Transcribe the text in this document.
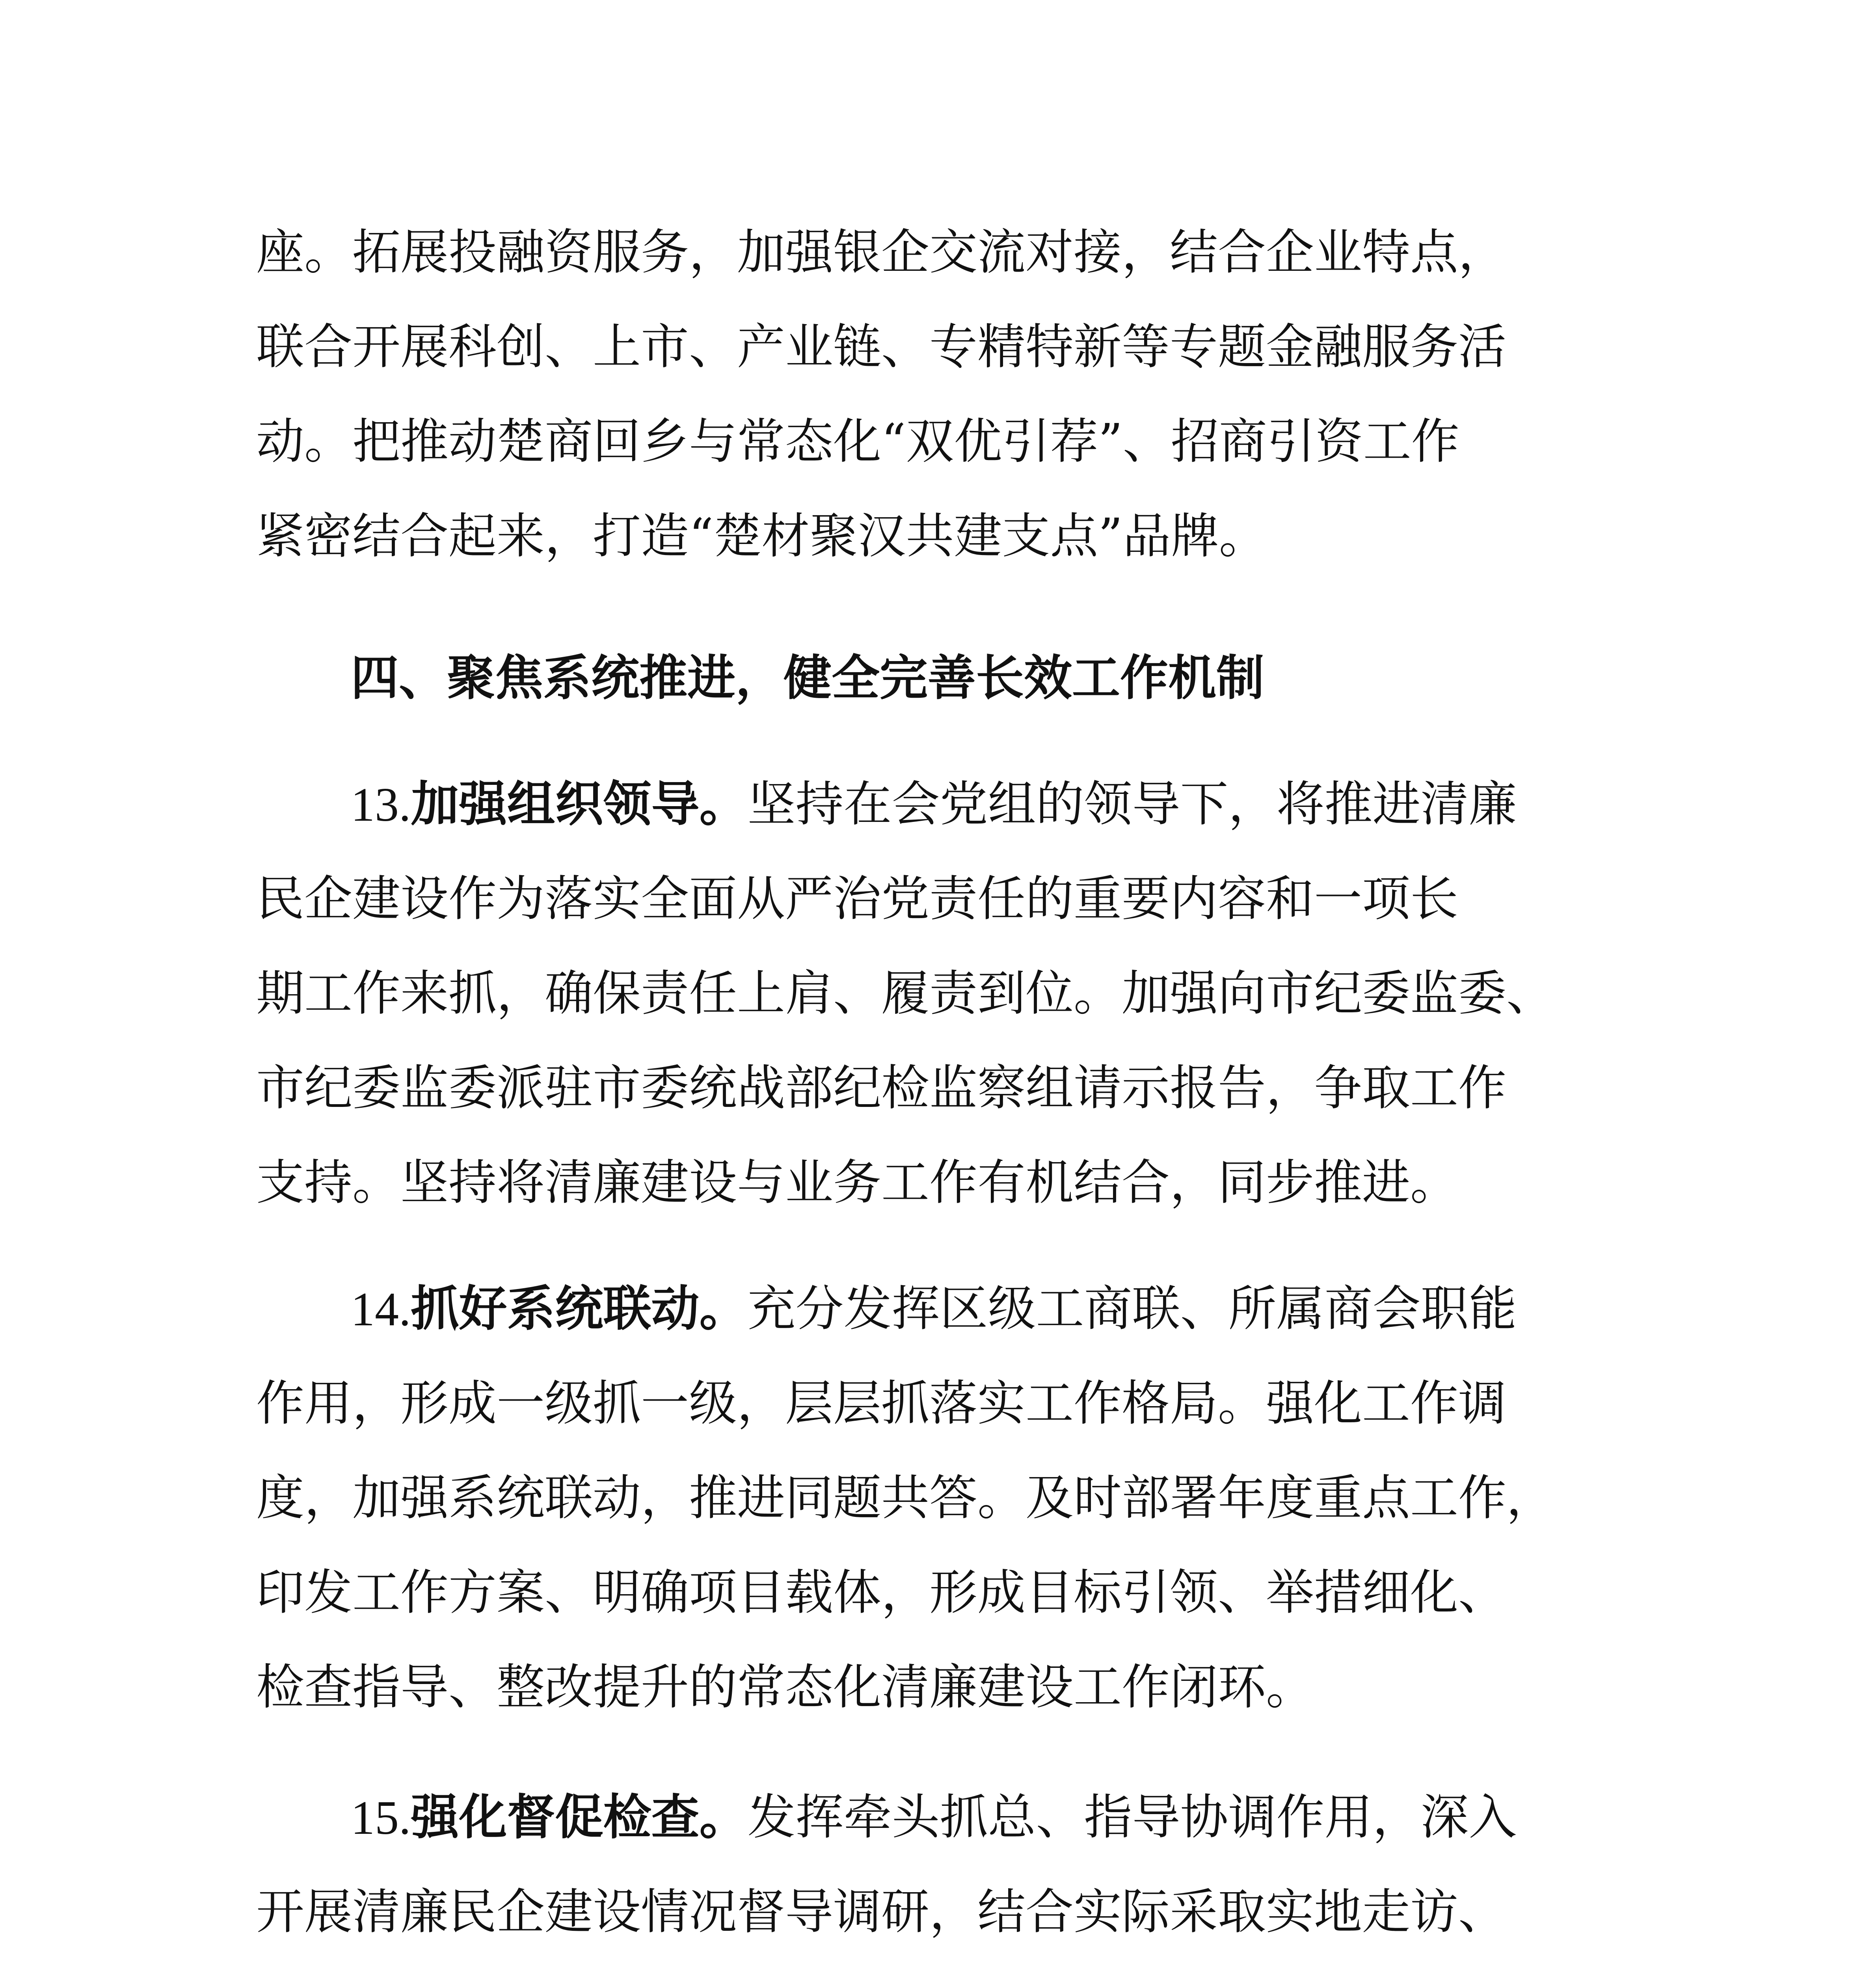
座。拓展投融资服务，加强银企交流对接，结合企业特点，
联合开展科创、上市、产业链、专精特新等专题金融服务活
动。把推动楚商回乡与常态化“双优引荐”、招商引资工作
紧密结合起来，打造“楚材聚汉共建支点”品牌。
四、聚焦系统推进，健全完善长效工作机制
13.加强组织领导。坚持在会党组的领导下，将推进清廉
民企建设作为落实全面从严治党责任的重要内容和一项长
期工作来抓，确保责任上肩、履责到位。加强向市纪委监委、
市纪委监委派驻市委统战部纪检监察组请示报告，争取工作
支持。坚持将清廉建设与业务工作有机结合，同步推进。
14.抓好系统联动。充分发挥区级工商联、所属商会职能
作用，形成一级抓一级，层层抓落实工作格局。强化工作调
度，加强系统联动，推进同题共答。及时部署年度重点工作，
印发工作方案、明确项目载体，形成目标引领、举措细化、
检查指导、整改提升的常态化清廉建设工作闭环。
15.强化督促检查。发挥牵头抓总、指导协调作用，深入
开展清廉民企建设情况督导调研，结合实际采取实地走访、
